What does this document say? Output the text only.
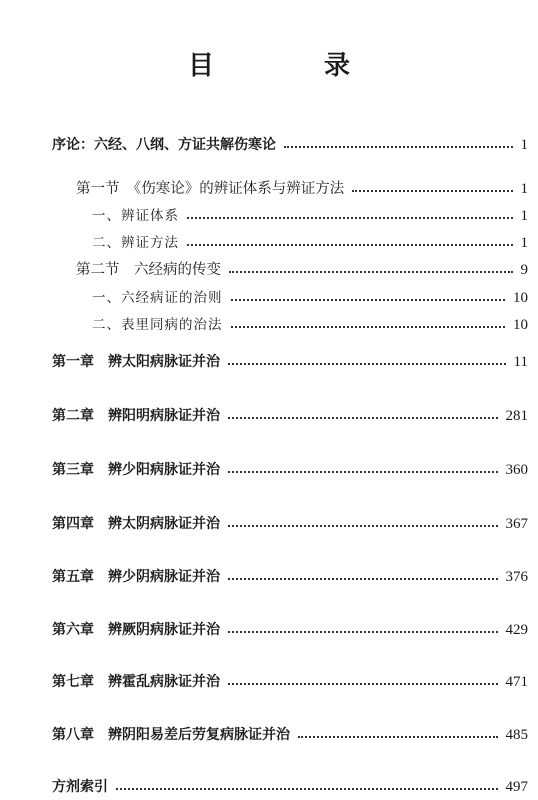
目　录
序论：六经、八纲、方证共解伤寒论	1
第一节　《伤寒论》的辨证体系与辨证方法	1
一、辨证体系	1
二、辨证方法	1
第二节　六经病的传变	9
一、六经病证的治则	10
二、表里同病的治法	10
第一章　辨太阳病脉证并治	11
第二章　辨阳明病脉证并治	281
第三章　辨少阳病脉证并治	360
第四章　辨太阴病脉证并治	367
第五章　辨少阴病脉证并治	376
第六章　辨厥阴病脉证并治	429
第七章　辨霍乱病脉证并治	471
第八章　辨阴阳易差后劳复病脉证并治	485
方剂索引	497
